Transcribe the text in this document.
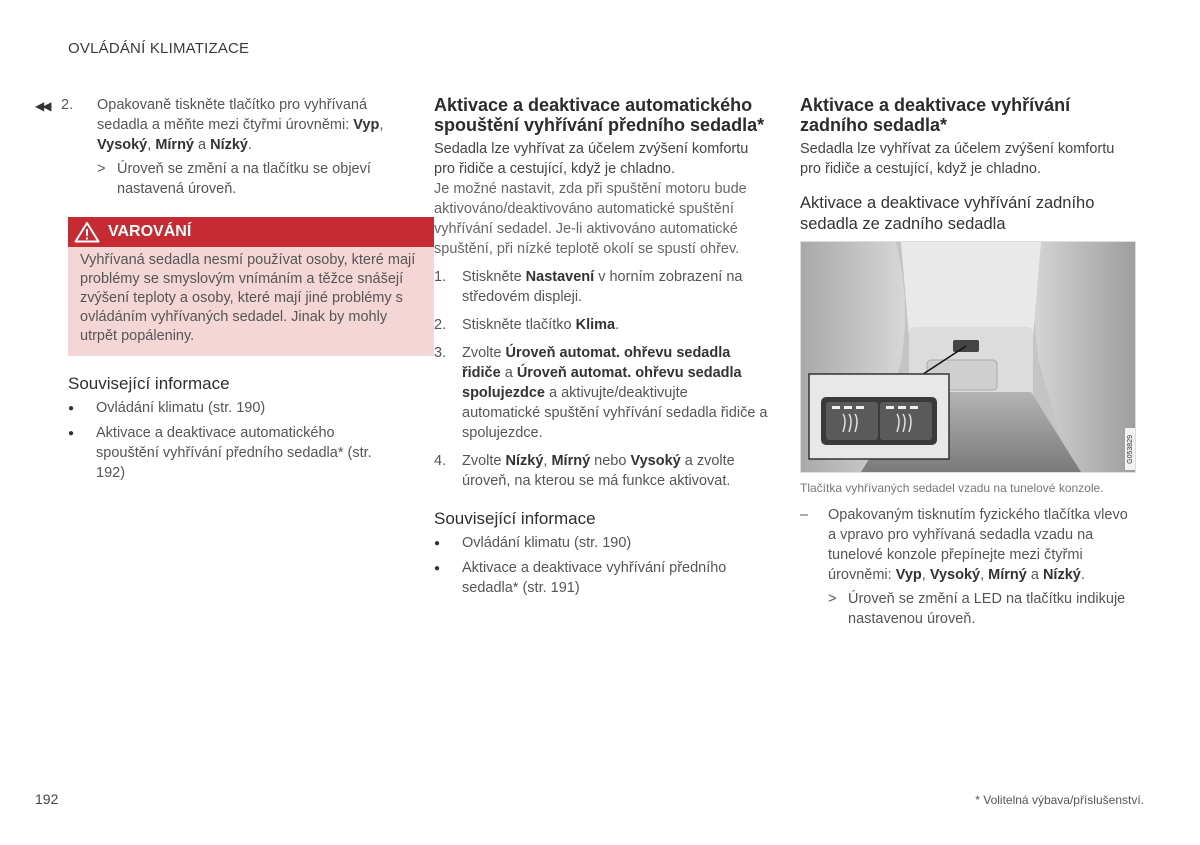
OVLÁDÁNÍ KLIMATIZACE
◀◀ 2.	Opakovaně tiskněte tlačítko pro vyhřívaná sedadla a měňte mezi čtyřmi úrovněmi: Vyp, Vysoký, Mírný a Nízký.
> Úroveň se změní a na tlačítku se objeví nastavená úroveň.
VAROVÁNÍ
Vyhřívaná sedadla nesmí používat osoby, které mají problémy se smyslovým vnímáním a těžce snášejí zvýšení teploty a osoby, které mají jiné problémy s ovládáním vyhřívaných sedadel. Jinak by mohly utrpět popáleniny.
Související informace
●	Ovládání klimatu (str. 190)
●	Aktivace a deaktivace automatického spouštění vyhřívání předního sedadla* (str. 192)
Aktivace a deaktivace automatického spouštění vyhřívání předního sedadla*

Sedadla lze vyhřívat za účelem zvýšení komfortu pro řidiče a cestující, když je chladno.

Je možné nastavit, zda při spuštění motoru bude aktivováno/deaktivováno automatické spuštění vyhřívání sedadel. Je-li aktivováno automatické spuštění, při nízké teplotě okolí se spustí ohřev.

1.	Stiskněte Nastavení v horním zobrazení na středovém displeji.
2.	Stiskněte tlačítko Klima.
3.	Zvolte Úroveň automat. ohřevu sedadla řidiče a Úroveň automat. ohřevu sedadla spolujezdce a aktivujte/deaktivujte automatické spuštění vyhřívání sedadla řidiče a spolujezdce.
4.	Zvolte Nízký, Mírný nebo Vysoký a zvolte úroveň, na kterou se má funkce aktivovat.
Související informace
●	Ovládání klimatu (str. 190)
●	Aktivace a deaktivace vyhřívání předního sedadla* (str. 191)
Aktivace a deaktivace vyhřívání zadního sedadla*

Sedadla lze vyhřívat za účelem zvýšení komfortu pro řidiče a cestující, když je chladno.

Aktivace a deaktivace vyhřívání zadního sedadla ze zadního sedadla
G053829
Tlačítka vyhřívaných sedadel vzadu na tunelové konzole.
–	Opakovaným tisknutím fyzického tlačítka vlevo a vpravo pro vyhřívaná sedadla vzadu na tunelové konzole přepínejte mezi čtyřmi úrovněmi: Vyp, Vysoký, Mírný a Nízký.
> Úroveň se změní a LED na tlačítku indikuje nastavenou úroveň.
192	* Volitelná výbava/příslušenství.
